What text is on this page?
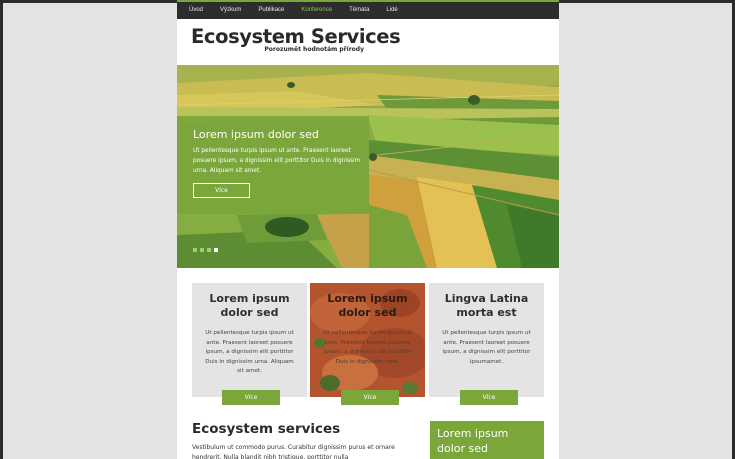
Úvod	Výzkum	Publikace	Konference	Témata	Lidé
Ecosystem Services
Porozumět hodnotám přírody
Lorem ipsum dolor sed
Ut pellentesque turpis ipsum ut ante. Praesent laoreet posuere ipsum, a dignissim elit porttitor Duis in dignissim urna. Aliquam sit amet.
Více
Lorem ipsum dolor sed
Ut pellentesque turpis ipsum ut ante. Praesent laoreet posuere ipsum, a dignissim elit porttitor Duis in dignissim urna. Aliquam sit amet.
Více
Lorem ipsum dolor sed
Ut pellentesque turpis ipsum ut ante. Praesent laoreet posuere ipsum, a dignissim elit porttitor Duis in dignissim urna.
Více
Lingva Latina morta est
Ut pellentesque turpis ipsum ut ante. Praesent laoreet posuere ipsum, a dignissim elit porttitor ipsumamet.
Více
Ecosystem services
Vestibulum ut commodo purus. Curabitur dignissim purus et ornare hendrerit. Nulla blandit nibh tristique, porttitor nulla
Lorem ipsum dolor sed
